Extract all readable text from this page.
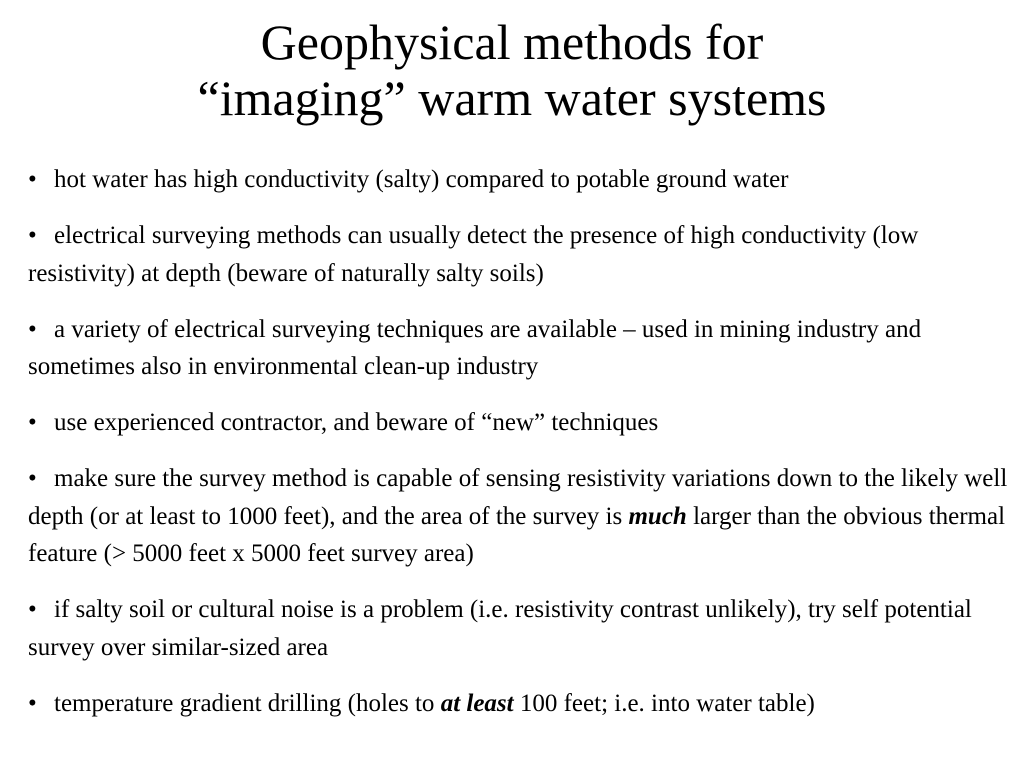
Geophysical methods for
“imaging” warm water systems
• hot water has high conductivity (salty) compared to potable ground water
• electrical surveying methods can usually detect the presence of high conductivity (low resistivity) at depth (beware of naturally salty soils)
• a variety of electrical surveying techniques are available – used in mining industry and sometimes also in environmental clean-up industry
• use experienced contractor, and beware of “new” techniques
• make sure the survey method is capable of sensing resistivity variations down to the likely well depth (or at least to 1000 feet), and the area of the survey is much larger than the obvious thermal feature (> 5000 feet x 5000 feet survey area)
• if salty soil or cultural noise is a problem (i.e. resistivity contrast unlikely), try self potential survey over similar-sized area
• temperature gradient drilling (holes to at least 100 feet; i.e. into water table)
